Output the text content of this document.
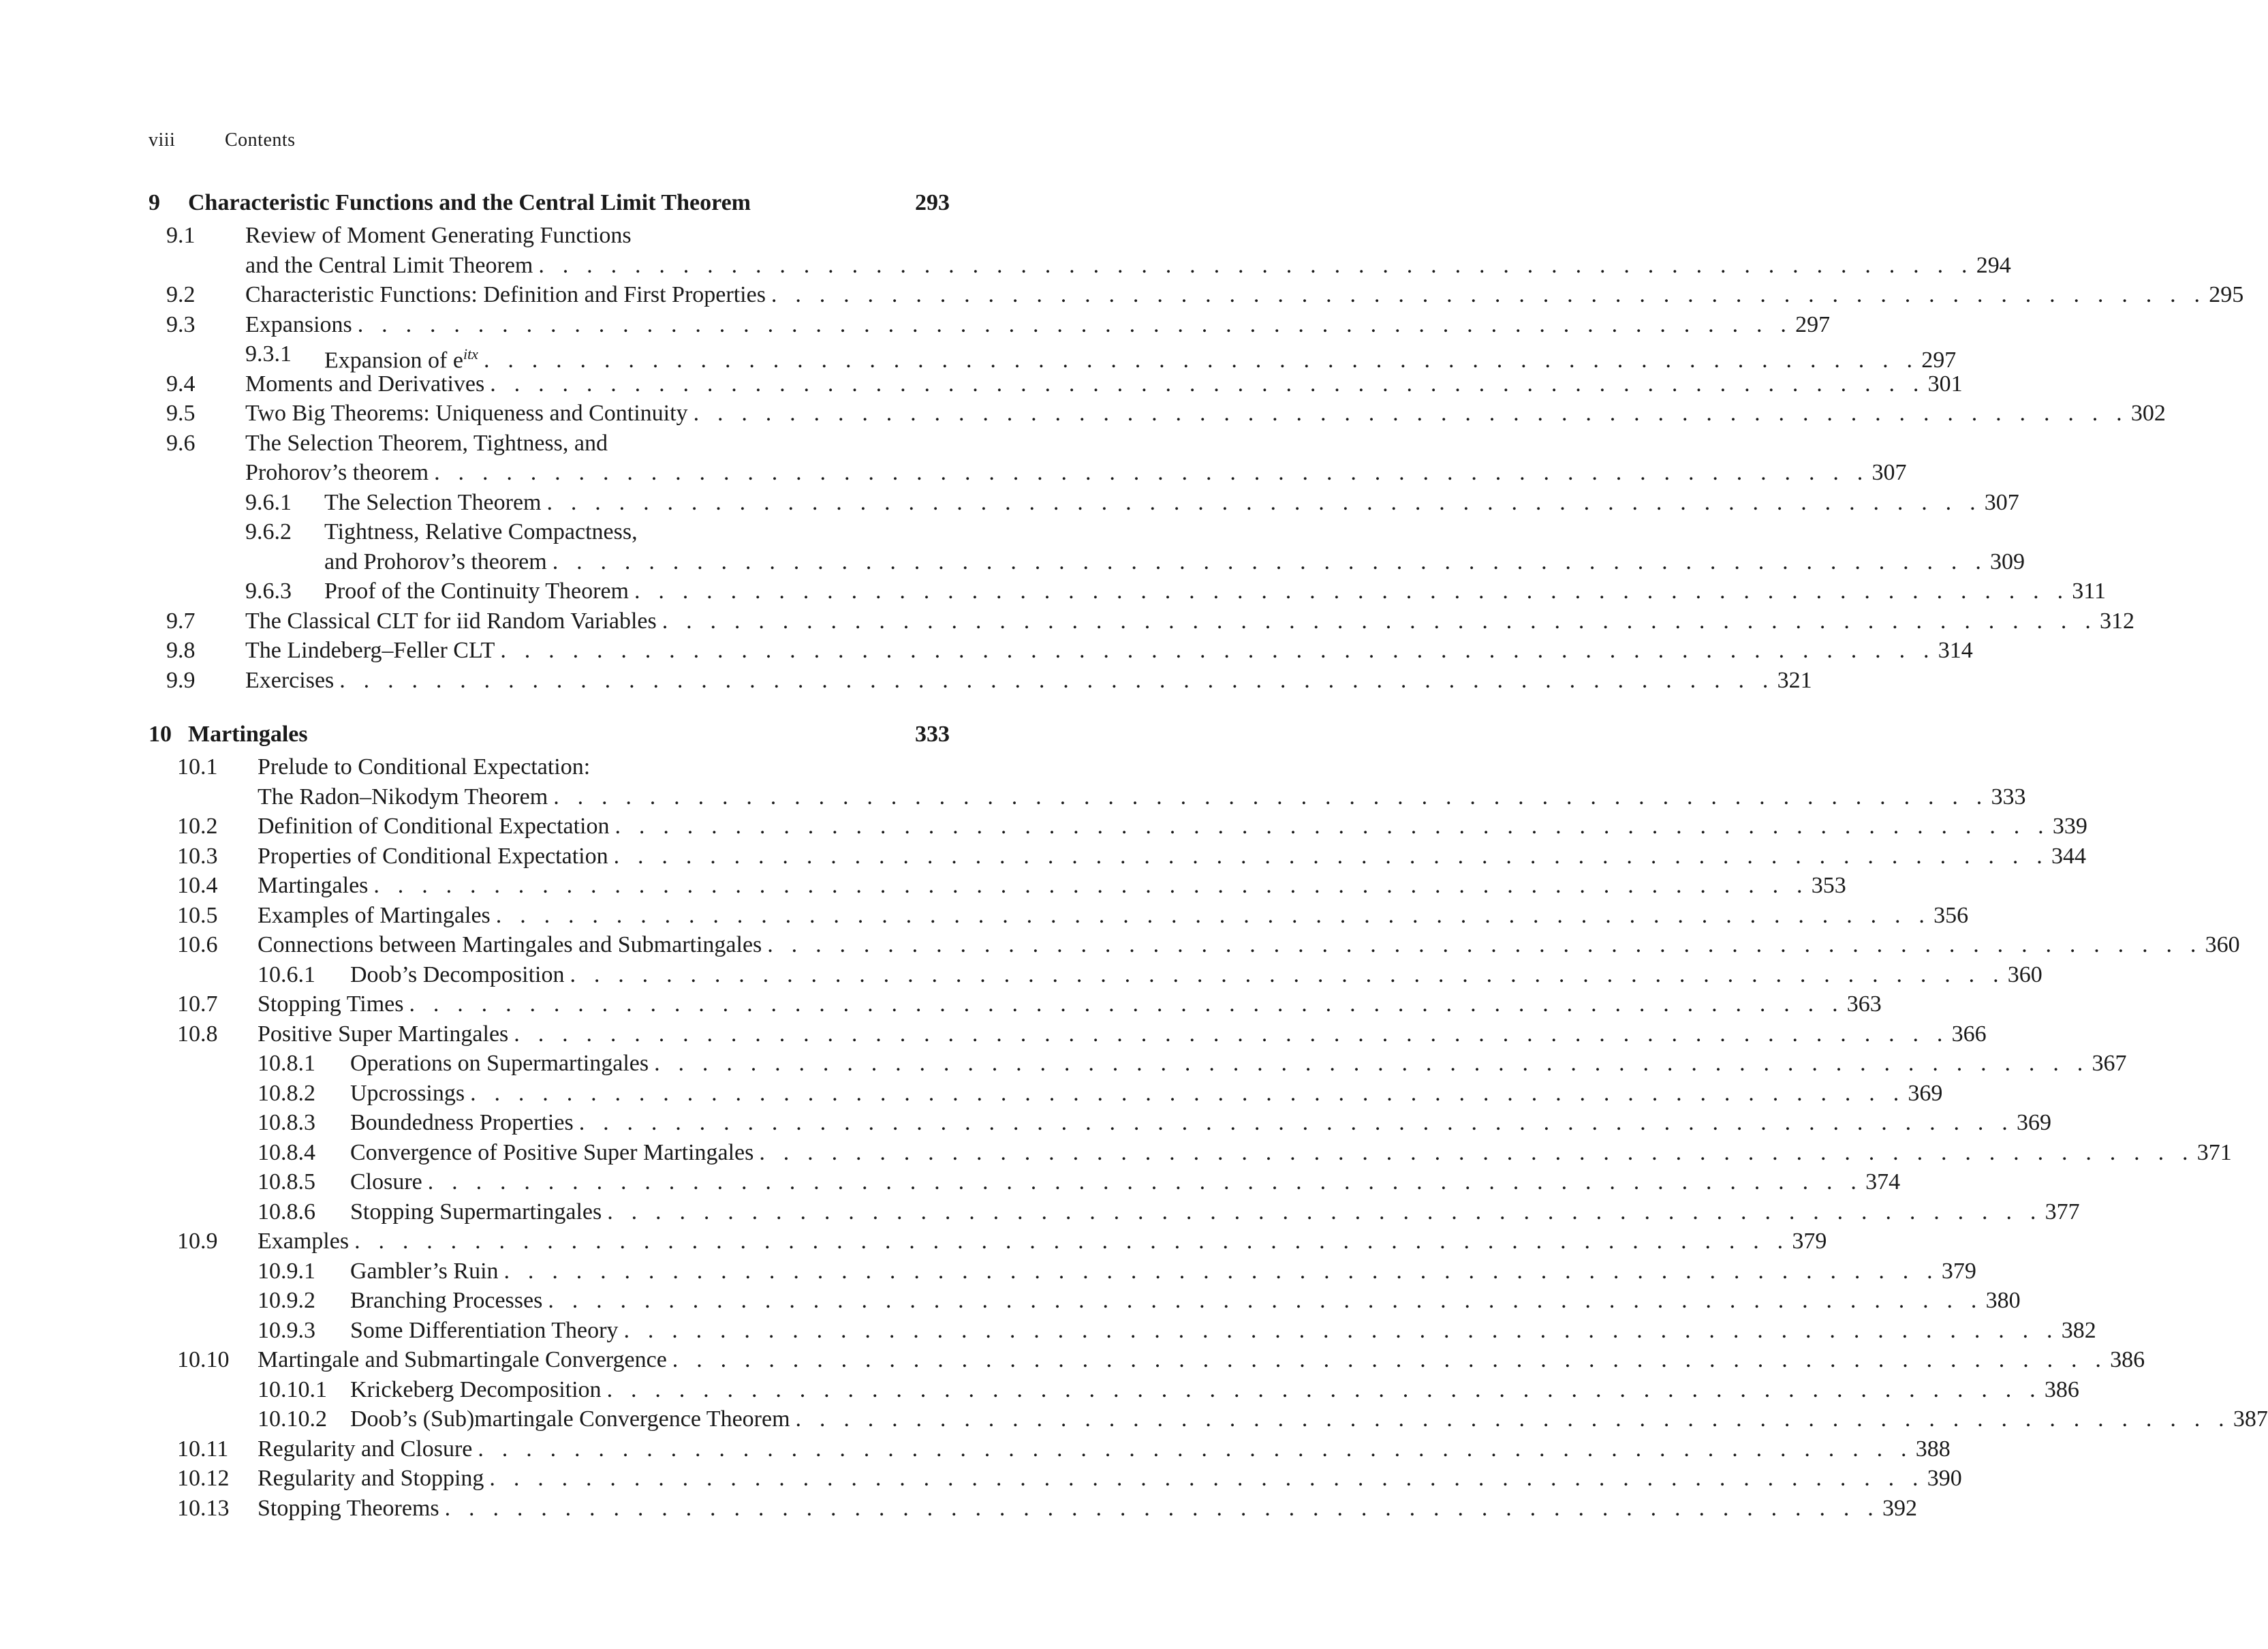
viii	Contents
9 Characteristic Functions and the Central Limit Theorem	293
9.1 Review of Moment Generating Functions
and the Central Limit Theorem . . . . . . . . . . . . . . . . . . . . . . . . . . . . . . . . . . . . . . . . . . . . . . . . . . . . . . . . . . . . 294
9.2 Characteristic Functions: Definition and First Properties . . . . . . . . . . . . . . . . . . . . . . . . . . . . . . . . . . . . . . . . . . . . . . . . . . . . . . . . . . . . 295
9.3 Expansions . . . . . . . . . . . . . . . . . . . . . . . . . . . . . . . . . . . . . . . . . . . . . . . . . . . . . . . . . . . . 297
9.3.1 Expansion of $e^{itx}$ . . . . . . . . . . . . . . . . . . . . . . . . . . . . . . . . . . . . . . . . . . . . . . . . . . . . . . . . . . . . 297
9.4 Moments and Derivatives . . . . . . . . . . . . . . . . . . . . . . . . . . . . . . . . . . . . . . . . . . . . . . . . . . . . . . . . . . . . 301
9.5 Two Big Theorems: Uniqueness and Continuity . . . . . . . . . . . . . . . . . . . . . . . . . . . . . . . . . . . . . . . . . . . . . . . . . . . . . . . . . . . . 302
9.6 The Selection Theorem, Tightness, and
Prohorov’s theorem . . . . . . . . . . . . . . . . . . . . . . . . . . . . . . . . . . . . . . . . . . . . . . . . . . . . . . . . . . . . 307
9.6.1 The Selection Theorem . . . . . . . . . . . . . . . . . . . . . . . . . . . . . . . . . . . . . . . . . . . . . . . . . . . . . . . . . . . . 307
9.6.2 Tightness, Relative Compactness,
and Prohorov’s theorem . . . . . . . . . . . . . . . . . . . . . . . . . . . . . . . . . . . . . . . . . . . . . . . . . . . . . . . . . . . . 309
9.6.3 Proof of the Continuity Theorem . . . . . . . . . . . . . . . . . . . . . . . . . . . . . . . . . . . . . . . . . . . . . . . . . . . . . . . . . . . . 311
9.7 The Classical CLT for iid Random Variables . . . . . . . . . . . . . . . . . . . . . . . . . . . . . . . . . . . . . . . . . . . . . . . . . . . . . . . . . . . . 312
9.8 The Lindeberg–Feller CLT . . . . . . . . . . . . . . . . . . . . . . . . . . . . . . . . . . . . . . . . . . . . . . . . . . . . . . . . . . . . 314
9.9 Exercises . . . . . . . . . . . . . . . . . . . . . . . . . . . . . . . . . . . . . . . . . . . . . . . . . . . . . . . . . . . . 321
10 Martingales	333
10.1 Prelude to Conditional Expectation:
The Radon–Nikodym Theorem . . . . . . . . . . . . . . . . . . . . . . . . . . . . . . . . . . . . . . . . . . . . . . . . . . . . . . . . . . . . 333
10.2 Definition of Conditional Expectation . . . . . . . . . . . . . . . . . . . . . . . . . . . . . . . . . . . . . . . . . . . . . . . . . . . . . . . . . . . . 339
10.3 Properties of Conditional Expectation . . . . . . . . . . . . . . . . . . . . . . . . . . . . . . . . . . . . . . . . . . . . . . . . . . . . . . . . . . . . 344
10.4 Martingales . . . . . . . . . . . . . . . . . . . . . . . . . . . . . . . . . . . . . . . . . . . . . . . . . . . . . . . . . . . . 353
10.5 Examples of Martingales . . . . . . . . . . . . . . . . . . . . . . . . . . . . . . . . . . . . . . . . . . . . . . . . . . . . . . . . . . . . 356
10.6 Connections between Martingales and Submartingales . . . . . . . . . . . . . . . . . . . . . . . . . . . . . . . . . . . . . . . . . . . . . . . . . . . . . . . . . . . . 360
10.6.1 Doob’s Decomposition . . . . . . . . . . . . . . . . . . . . . . . . . . . . . . . . . . . . . . . . . . . . . . . . . . . . . . . . . . . . 360
10.7 Stopping Times . . . . . . . . . . . . . . . . . . . . . . . . . . . . . . . . . . . . . . . . . . . . . . . . . . . . . . . . . . . . 363
10.8 Positive Super Martingales . . . . . . . . . . . . . . . . . . . . . . . . . . . . . . . . . . . . . . . . . . . . . . . . . . . . . . . . . . . . 366
10.8.1 Operations on Supermartingales . . . . . . . . . . . . . . . . . . . . . . . . . . . . . . . . . . . . . . . . . . . . . . . . . . . . . . . . . . . . 367
10.8.2 Upcrossings . . . . . . . . . . . . . . . . . . . . . . . . . . . . . . . . . . . . . . . . . . . . . . . . . . . . . . . . . . . . 369
10.8.3 Boundedness Properties . . . . . . . . . . . . . . . . . . . . . . . . . . . . . . . . . . . . . . . . . . . . . . . . . . . . . . . . . . . . 369
10.8.4 Convergence of Positive Super Martingales . . . . . . . . . . . . . . . . . . . . . . . . . . . . . . . . . . . . . . . . . . . . . . . . . . . . . . . . . . . . 371
10.8.5 Closure . . . . . . . . . . . . . . . . . . . . . . . . . . . . . . . . . . . . . . . . . . . . . . . . . . . . . . . . . . . . 374
10.8.6 Stopping Supermartingales . . . . . . . . . . . . . . . . . . . . . . . . . . . . . . . . . . . . . . . . . . . . . . . . . . . . . . . . . . . . 377
10.9 Examples . . . . . . . . . . . . . . . . . . . . . . . . . . . . . . . . . . . . . . . . . . . . . . . . . . . . . . . . . . . . 379
10.9.1 Gambler’s Ruin . . . . . . . . . . . . . . . . . . . . . . . . . . . . . . . . . . . . . . . . . . . . . . . . . . . . . . . . . . . . 379
10.9.2 Branching Processes . . . . . . . . . . . . . . . . . . . . . . . . . . . . . . . . . . . . . . . . . . . . . . . . . . . . . . . . . . . . 380
10.9.3 Some Differentiation Theory . . . . . . . . . . . . . . . . . . . . . . . . . . . . . . . . . . . . . . . . . . . . . . . . . . . . . . . . . . . . 382
10.10 Martingale and Submartingale Convergence . . . . . . . . . . . . . . . . . . . . . . . . . . . . . . . . . . . . . . . . . . . . . . . . . . . . . . . . . . . . 386
10.10.1 Krickeberg Decomposition . . . . . . . . . . . . . . . . . . . . . . . . . . . . . . . . . . . . . . . . . . . . . . . . . . . . . . . . . . . . 386
10.10.2 Doob’s (Sub)martingale Convergence Theorem . . . . . . . . . . . . . . . . . . . . . . . . . . . . . . . . . . . . . . . . . . . . . . . . . . . . . . . . . . . . 387
10.11 Regularity and Closure . . . . . . . . . . . . . . . . . . . . . . . . . . . . . . . . . . . . . . . . . . . . . . . . . . . . . . . . . . . . 388
10.12 Regularity and Stopping . . . . . . . . . . . . . . . . . . . . . . . . . . . . . . . . . . . . . . . . . . . . . . . . . . . . . . . . . . . . 390
10.13 Stopping Theorems . . . . . . . . . . . . . . . . . . . . . . . . . . . . . . . . . . . . . . . . . . . . . . . . . . . . . . . . . . . . 392
